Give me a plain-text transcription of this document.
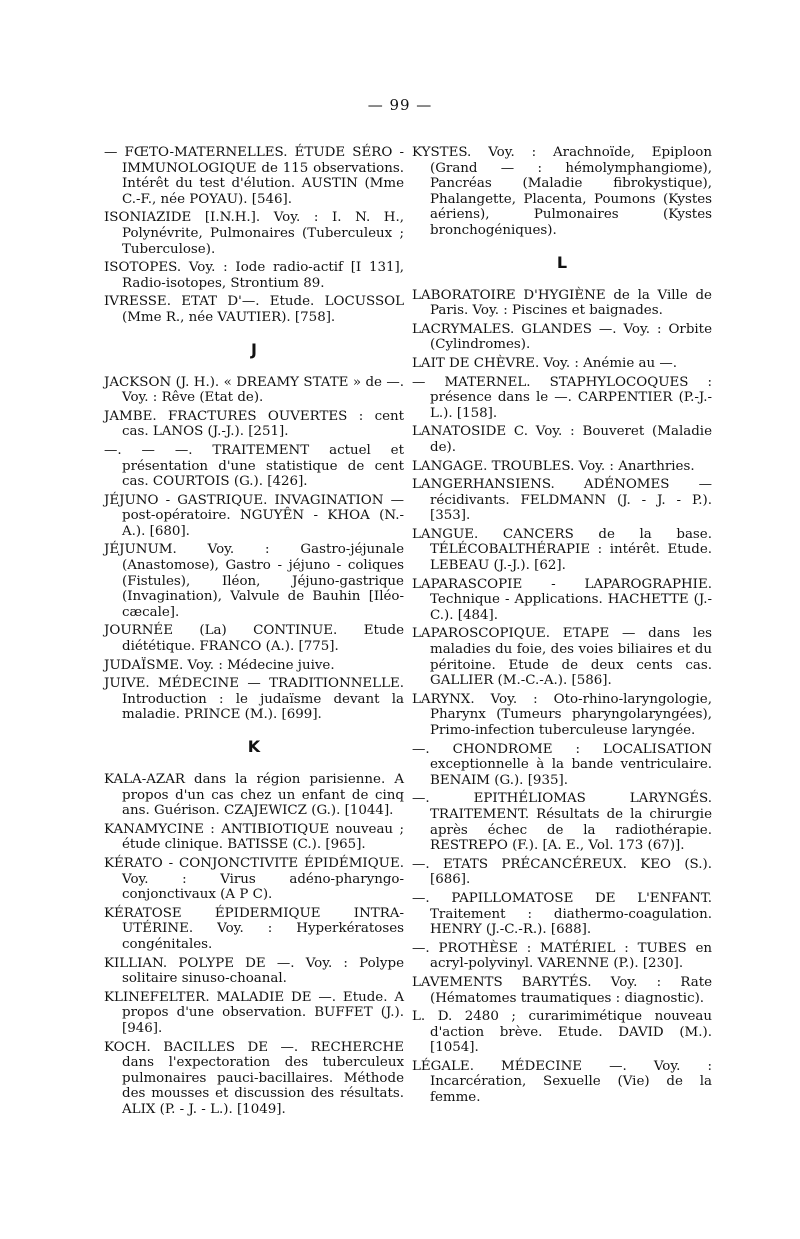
— 99 —
— FŒTO-MATERNELLES. ÉTUDE SÉRO - IMMUNOLOGIQUE de 115 observations. Intérêt du test d'élution. AUSTIN (Mme C.-F., née POYAU). [546].
ISONIAZIDE [I.N.H.]. Voy. : I. N. H., Polynévrite, Pulmonaires (Tuberculeux ; Tuberculose).
ISOTOPES. Voy. : Iode radio-actif [I 131], Radio-isotopes, Strontium 89.
IVRESSE. ETAT D'—. Etude. LOCUSSOL (Mme R., née VAUTIER). [758].
J
JACKSON (J. H.). « DREAMY STATE » de —. Voy. : Rêve (Etat de).
JAMBE. FRACTURES OUVERTES : cent cas. LANOS (J.-J.). [251].
—. — —. TRAITEMENT actuel et présentation d'une statistique de cent cas. COURTOIS (G.). [426].
JÉJUNO - GASTRIQUE. INVAGINATION — post-opératoire. NGUYÊN - KHOA (N.-A.). [680].
JÉJUNUM. Voy. : Gastro-jéjunale (Anastomose), Gastro - jéjuno - coliques (Fistules), Iléon, Jéjuno-gastrique (Invagination), Valvule de Bauhin [Iléo-cæcale].
JOURNÉE (La) CONTINUE. Etude diététique. FRANCO (A.). [775].
JUDAÏSME. Voy. : Médecine juive.
JUIVE. MÉDECINE — TRADITIONNELLE. Introduction : le judaïsme devant la maladie. PRINCE (M.). [699].
K
KALA-AZAR dans la région parisienne. A propos d'un cas chez un enfant de cinq ans. Guérison. CZAJEWICZ (G.). [1044].
KANAMYCINE : ANTIBIOTIQUE nouveau ; étude clinique. BATISSE (C.). [965].
KÉRATO - CONJONCTIVITE ÉPIDÉMIQUE. Voy. : Virus adéno-pharyngo-conjonctivaux (A P C).
KÉRATOSE ÉPIDERMIQUE INTRA-UTÉRINE. Voy. : Hyperkératoses congénitales.
KILLIAN. POLYPE DE —. Voy. : Polype solitaire sinuso-choanal.
KLINEFELTER. MALADIE DE —. Etude. A propos d'une observation. BUFFET (J.). [946].
KOCH. BACILLES DE —. RECHERCHE dans l'expectoration des tuberculeux pulmonaires pauci-bacillaires. Méthode des mousses et discussion des résultats. ALIX (P. - J. - L.). [1049].
KYSTES. Voy. : Arachnoïde, Epiploon (Grand — : hémolymphangiome), Pancréas (Maladie fibrokystique), Phalangette, Placenta, Poumons (Kystes aériens), Pulmonaires (Kystes bronchogéniques).
L
LABORATOIRE D'HYGIÈNE de la Ville de Paris. Voy. : Piscines et baignades.
LACRYMALES. GLANDES —. Voy. : Orbite (Cylindromes).
LAIT DE CHÈVRE. Voy. : Anémie au —.
— MATERNEL. STAPHYLOCOQUES : présence dans le —. CARPENTIER (P.-J.-L.). [158].
LANATOSIDE C. Voy. : Bouveret (Maladie de).
LANGAGE. TROUBLES. Voy. : Anarthries.
LANGERHANSIENS. ADÉNOMES — récidivants. FELDMANN (J. - J. - P.). [353].
LANGUE. CANCERS de la base. TÉLÉCOBALTHÉRAPIE : intérêt. Etude. LEBEAU (J.-J.). [62].
LAPARASCOPIE - LAPAROGRAPHIE. Technique - Applications. HACHETTE (J.-C.). [484].
LAPAROSCOPIQUE. ETAPE — dans les maladies du foie, des voies biliaires et du péritoine. Etude de deux cents cas. GALLIER (M.-C.-A.). [586].
LARYNX. Voy. : Oto-rhino-laryngologie, Pharynx (Tumeurs pharyngolaryngées), Primo-infection tuberculeuse laryngée.
—. CHONDROME : LOCALISATION exceptionnelle à la bande ventriculaire. BENAIM (G.). [935].
—. EPITHÉLIOMAS LARYNGÉS. TRAITEMENT. Résultats de la chirurgie après échec de la radiothérapie. RESTREPO (F.). [A. E., Vol. 173 (67)].
—. ETATS PRÉCANCÉREUX. KEO (S.). [686].
—. PAPILLOMATOSE DE L'ENFANT. Traitement : diathermo-coagulation. HENRY (J.-C.-R.). [688].
—. PROTHÈSE : MATÉRIEL : TUBES en acryl-polyvinyl. VARENNE (P.). [230].
LAVEMENTS BARYTÉS. Voy. : Rate (Hématomes traumatiques : diagnostic).
L. D. 2480 ; curarimimétique nouveau d'action brève. Etude. DAVID (M.). [1054].
LÉGALE. MÉDECINE —. Voy. : Incarcération, Sexuelle (Vie) de la femme.
